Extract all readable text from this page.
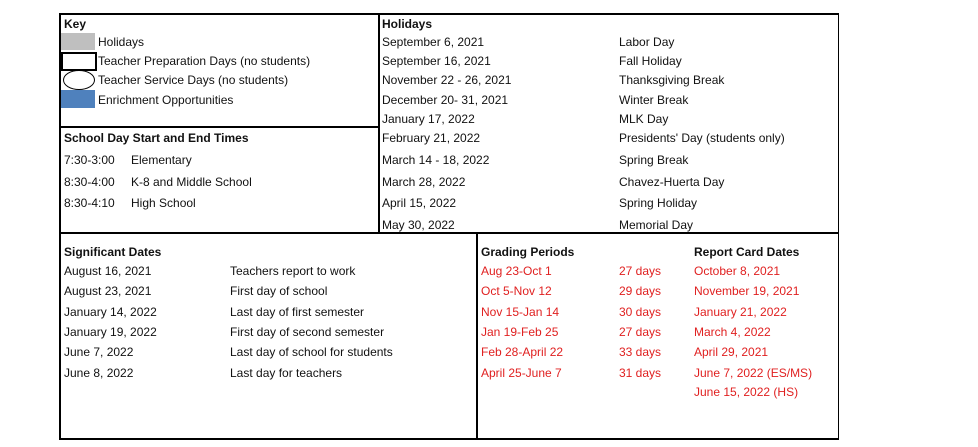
Key
Holidays
Teacher Preparation Days (no students)
Teacher Service Days (no students)
Enrichment Opportunities
School Day Start and End Times
7:30-3:00 Elementary
8:30-4:00 K-8 and Middle School
8:30-4:10 High School
Holidays
September 6, 2021	Labor Day
September 16, 2021	Fall Holiday
November 22 - 26, 2021	Thanksgiving Break
December 20- 31, 2021	Winter Break
January 17, 2022	MLK Day
February 21, 2022	Presidents' Day (students only)
March 14 - 18, 2022	Spring Break
March 28, 2022	Chavez-Huerta Day
April 15, 2022	Spring Holiday
May 30, 2022	Memorial Day
Significant Dates
August 16, 2021	Teachers report to work
August 23, 2021	First day of school
January 14, 2022	Last day of first semester
January 19, 2022	First day of second semester
June 7, 2022	Last day of school for students
June 8, 2022	Last day for teachers
Grading Periods	Report Card Dates
Aug 23-Oct 1	27 days	October 8, 2021
Oct 5-Nov 12	29 days	November 19, 2021
Nov 15-Jan 14	30 days	January 21, 2022
Jan 19-Feb 25	27 days	March 4, 2022
Feb 28-April 22	33 days	April 29, 2021
April 25-June 7	31 days	June 7, 2022 (ES/MS)
June 15, 2022 (HS)
